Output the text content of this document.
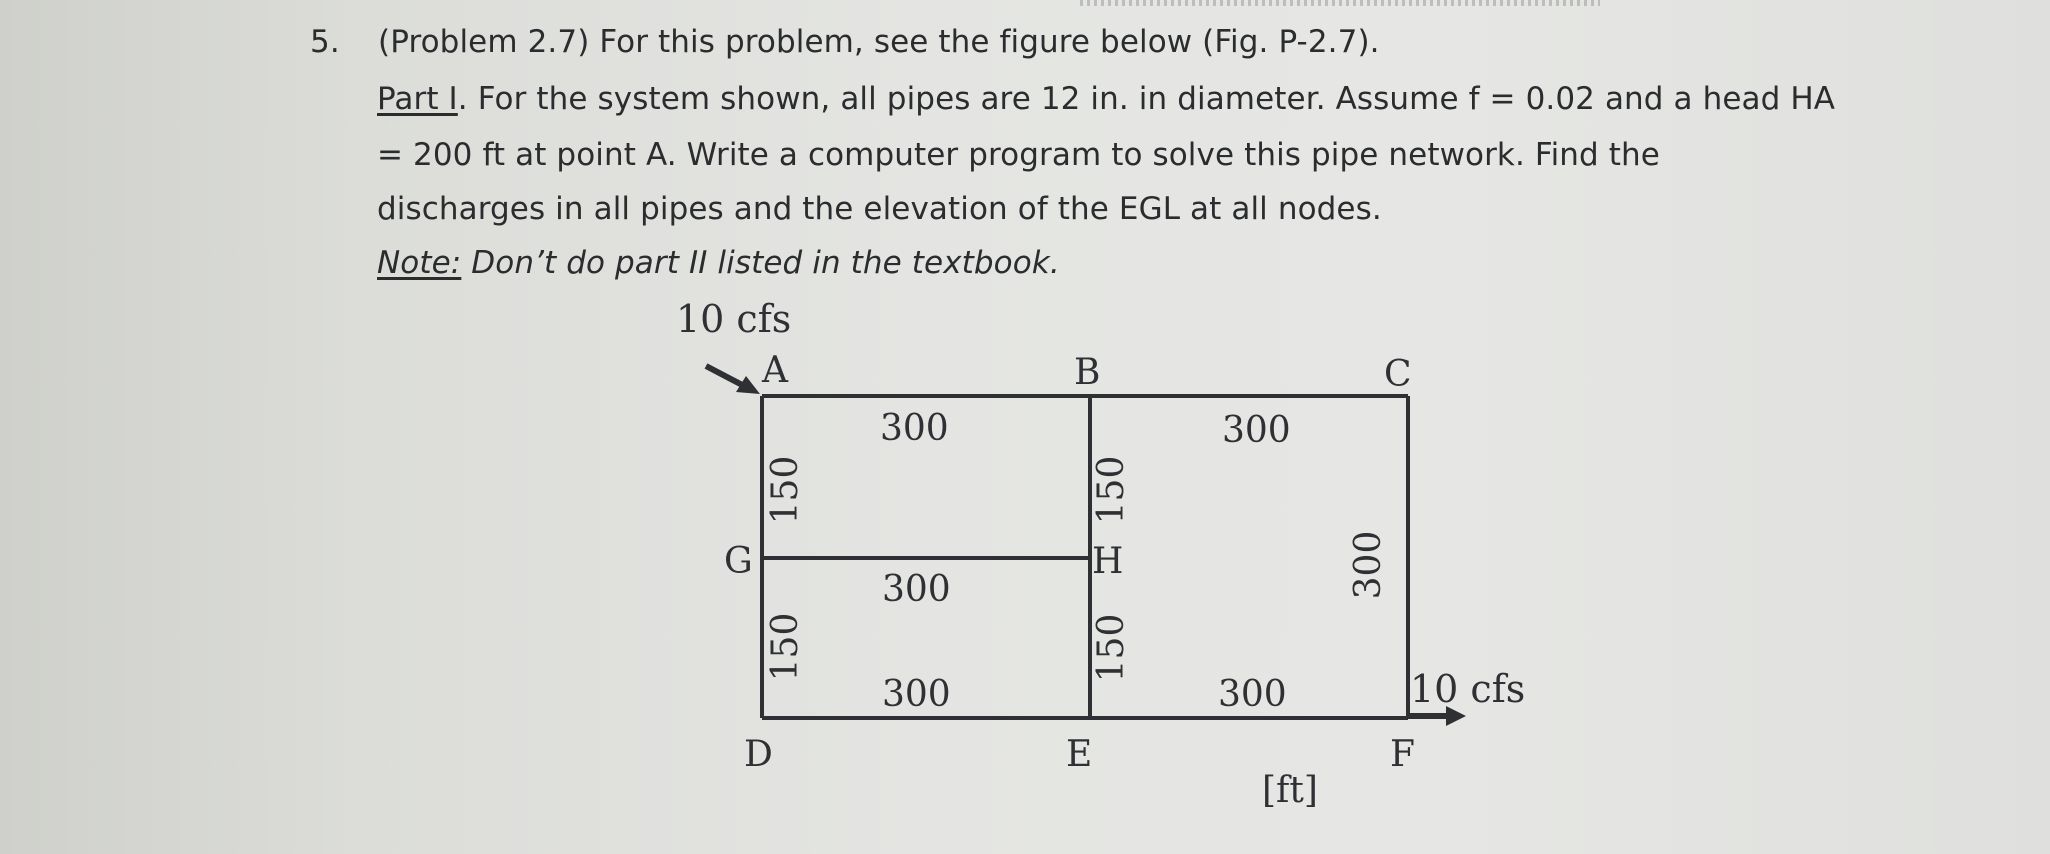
5. (Problem 2.7) For this problem, see the figure below (Fig. P-2.7).
Part I. For the system shown, all pipes are 12 in. in diameter. Assume f = 0.02 and a head HA
= 200 ft at point A. Write a computer program to solve this pipe network. Find the
discharges in all pipes and the elevation of the EGL at all nodes.
Note: Don’t do part II listed in the textbook.
10 cfs
10 cfs
[ft]
A	B	C
G	H
D	E	F
300	300
300
300	300
150
150
150
150
300
